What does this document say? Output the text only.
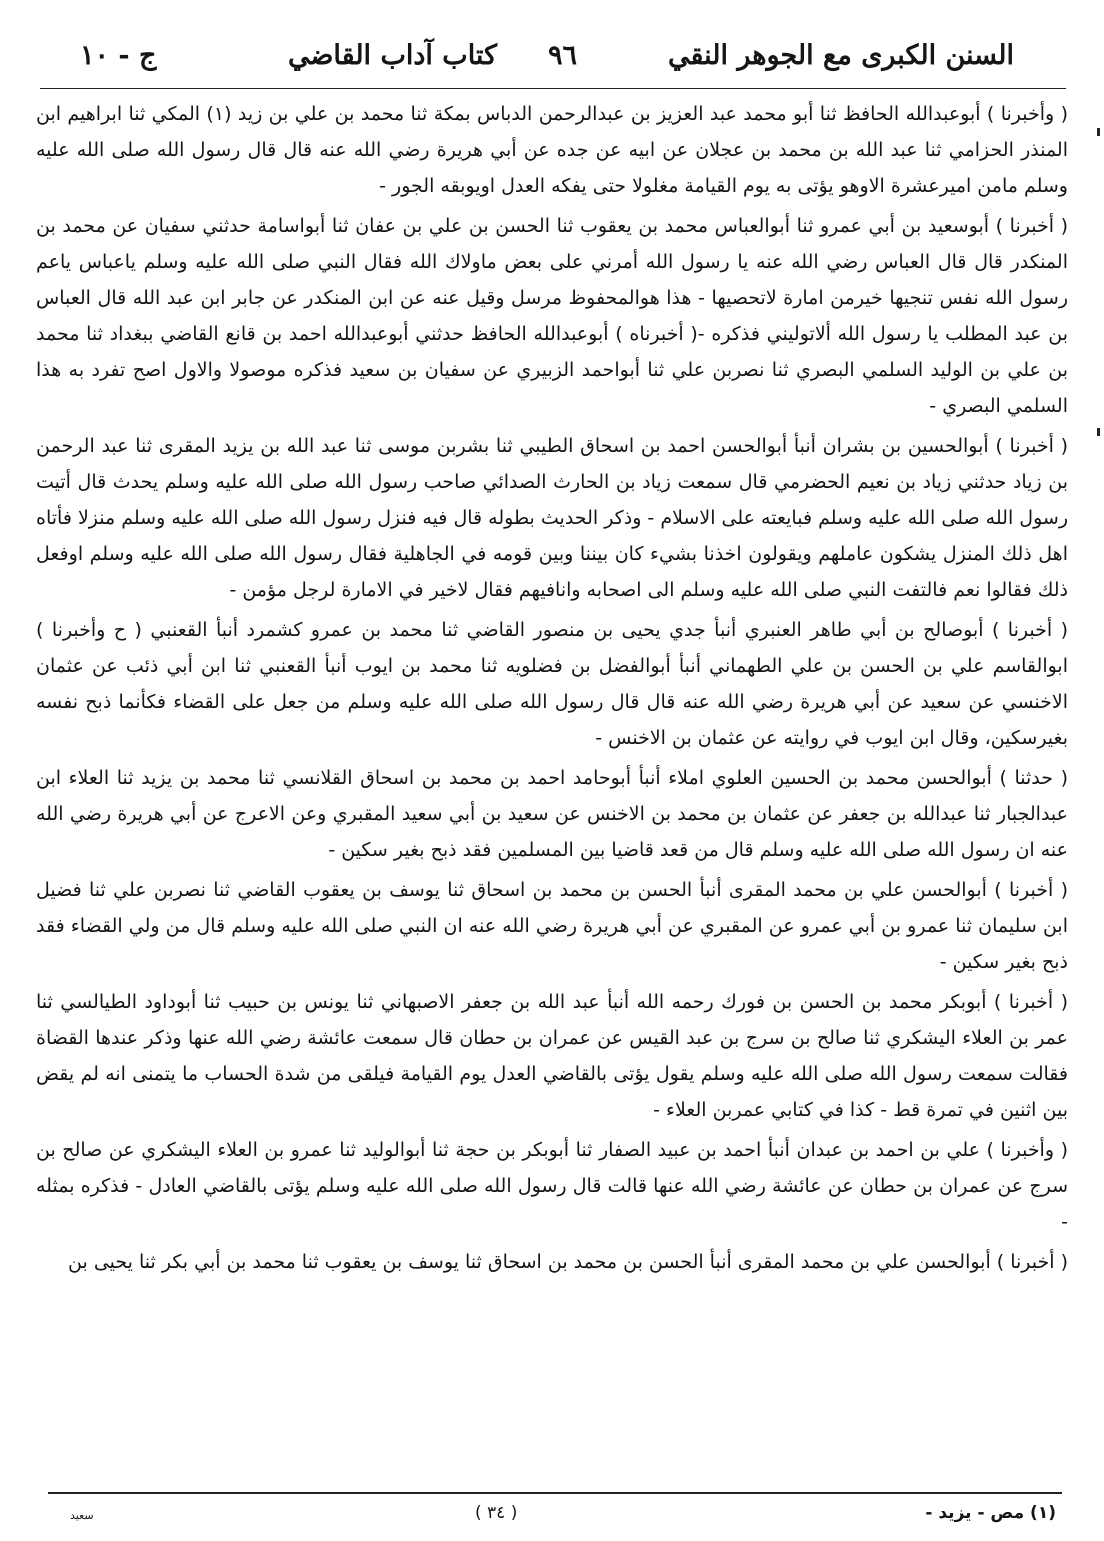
السنن الكبرى مع الجوهر النقي
٩٦
كتاب آداب القاضي
ج - ١٠

( وأخبرنا ) أبوعبدالله الحافظ ثنا أبو محمد عبد العزيز بن عبدالرحمن الدباس بمكة ثنا محمد بن علي بن زيد (١) المكي ثنا ابراهيم ابن المنذر الحزامي ثنا عبد الله بن محمد بن عجلان عن ابيه عن جده عن أبي هريرة رضي الله عنه قال قال رسول الله صلى الله عليه وسلم مامن اميرعشرة الاوهو يؤتى به يوم القيامة مغلولا حتى يفكه العدل اويوبقه الجور -

( أخبرنا ) أبوسعيد بن أبي عمرو ثنا أبوالعباس محمد بن يعقوب ثنا الحسن بن علي بن عفان ثنا أبواسامة حدثني سفيان عن محمد بن المنكدر قال قال العباس رضي الله عنه يا رسول الله أمرني على بعض ماولاك الله فقال النبي صلى الله عليه وسلم ياعباس ياعم رسول الله نفس تنجيها خيرمن امارة لاتحصيها - هذا هوالمحفوظ مرسل وقيل عنه عن ابن المنكدر عن جابر ابن عبد الله قال العباس بن عبد المطلب يا رسول الله ألاتوليني فذكره -( أخبرناه ) أبوعبدالله الحافظ حدثني أبوعبدالله احمد بن قانع القاضي ببغداد ثنا محمد بن علي بن الوليد السلمي البصري ثنا نصربن علي ثنا أبواحمد الزبيري عن سفيان بن سعيد فذكره موصولا والاول اصح تفرد به هذا السلمي البصري -

( أخبرنا ) أبوالحسين بن بشران أنبأ أبوالحسن احمد بن اسحاق الطيبي ثنا بشربن موسى ثنا عبد الله بن يزيد المقرى ثنا عبد الرحمن بن زياد حدثني زياد بن نعيم الحضرمي قال سمعت زياد بن الحارث الصدائي صاحب رسول الله صلى الله عليه وسلم يحدث قال أتيت رسول الله صلى الله عليه وسلم فبايعته على الاسلام - وذكر الحديث بطوله قال فيه فنزل رسول الله صلى الله عليه وسلم منزلا فأتاه اهل ذلك المنزل يشكون عاملهم ويقولون اخذنا بشيء كان بيننا وبين قومه في الجاهلية فقال رسول الله صلى الله عليه وسلم اوفعل ذلك فقالوا نعم فالتفت النبي صلى الله عليه وسلم الى اصحابه وانافيهم فقال لاخير في الامارة لرجل مؤمن -

( أخبرنا ) أبوصالح بن أبي طاهر العنبري أنبأ جدي يحيى بن منصور القاضي ثنا محمد بن عمرو كشمرد أنبأ القعنبي ( ح وأخبرنا ) ابوالقاسم علي بن الحسن بن علي الطهماني أنبأ أبوالفضل بن فضلويه ثنا محمد بن ايوب أنبأ القعنبي ثنا ابن أبي ذئب عن عثمان الاخنسي عن سعيد عن أبي هريرة رضي الله عنه قال قال رسول الله صلى الله عليه وسلم من جعل على القضاء فكأنما ذبح نفسه بغيرسكين، وقال ابن ايوب في روايته عن عثمان بن الاخنس -

( حدثنا ) أبوالحسن محمد بن الحسين العلوي املاء أنبأ أبوحامد احمد بن محمد بن اسحاق القلانسي ثنا محمد بن يزيد ثنا العلاء ابن عبدالجبار ثنا عبدالله بن جعفر عن عثمان بن محمد بن الاخنس عن سعيد بن أبي سعيد المقبري وعن الاعرج عن أبي هريرة رضي الله عنه ان رسول الله صلى الله عليه وسلم قال من قعد قاضيا بين المسلمين فقد ذبح بغير سكين -

( أخبرنا ) أبوالحسن علي بن محمد المقرى أنبأ الحسن بن محمد بن اسحاق ثنا يوسف بن يعقوب القاضي ثنا نصربن علي ثنا فضيل ابن سليمان ثنا عمرو بن أبي عمرو عن المقبري عن أبي هريرة رضي الله عنه ان النبي صلى الله عليه وسلم قال من ولي القضاء فقد ذبح بغير سكين -

( أخبرنا ) أبوبكر محمد بن الحسن بن فورك رحمه الله أنبأ عبد الله بن جعفر الاصبهاني ثنا يونس بن حبيب ثنا أبوداود الطيالسي ثنا عمر بن العلاء اليشكري ثنا صالح بن سرج بن عبد القيس عن عمران بن حطان قال سمعت عائشة رضي الله عنها وذكر عندها القضاة فقالت سمعت رسول الله صلى الله عليه وسلم يقول يؤتى بالقاضي العدل يوم القيامة فيلقى من شدة الحساب ما يتمنى انه لم يقض بين اثنين في تمرة قط - كذا في كتابي عمربن العلاء -

( وأخبرنا ) علي بن احمد بن عبدان أنبأ احمد بن عبيد الصفار ثنا أبوبكر بن حجة ثنا أبوالوليد ثنا عمرو بن العلاء اليشكري عن صالح بن سرج عن عمران بن حطان عن عائشة رضي الله عنها قالت قال رسول الله صلى الله عليه وسلم يؤتى بالقاضي العادل - فذكره بمثله -

( أخبرنا ) أبوالحسن علي بن محمد المقرى أنبأ الحسن بن محمد بن اسحاق ثنا يوسف بن يعقوب ثنا محمد بن أبي بكر ثنا يحيى بن

(١) مص - يزيد -
( ٣٤ )
سعید
